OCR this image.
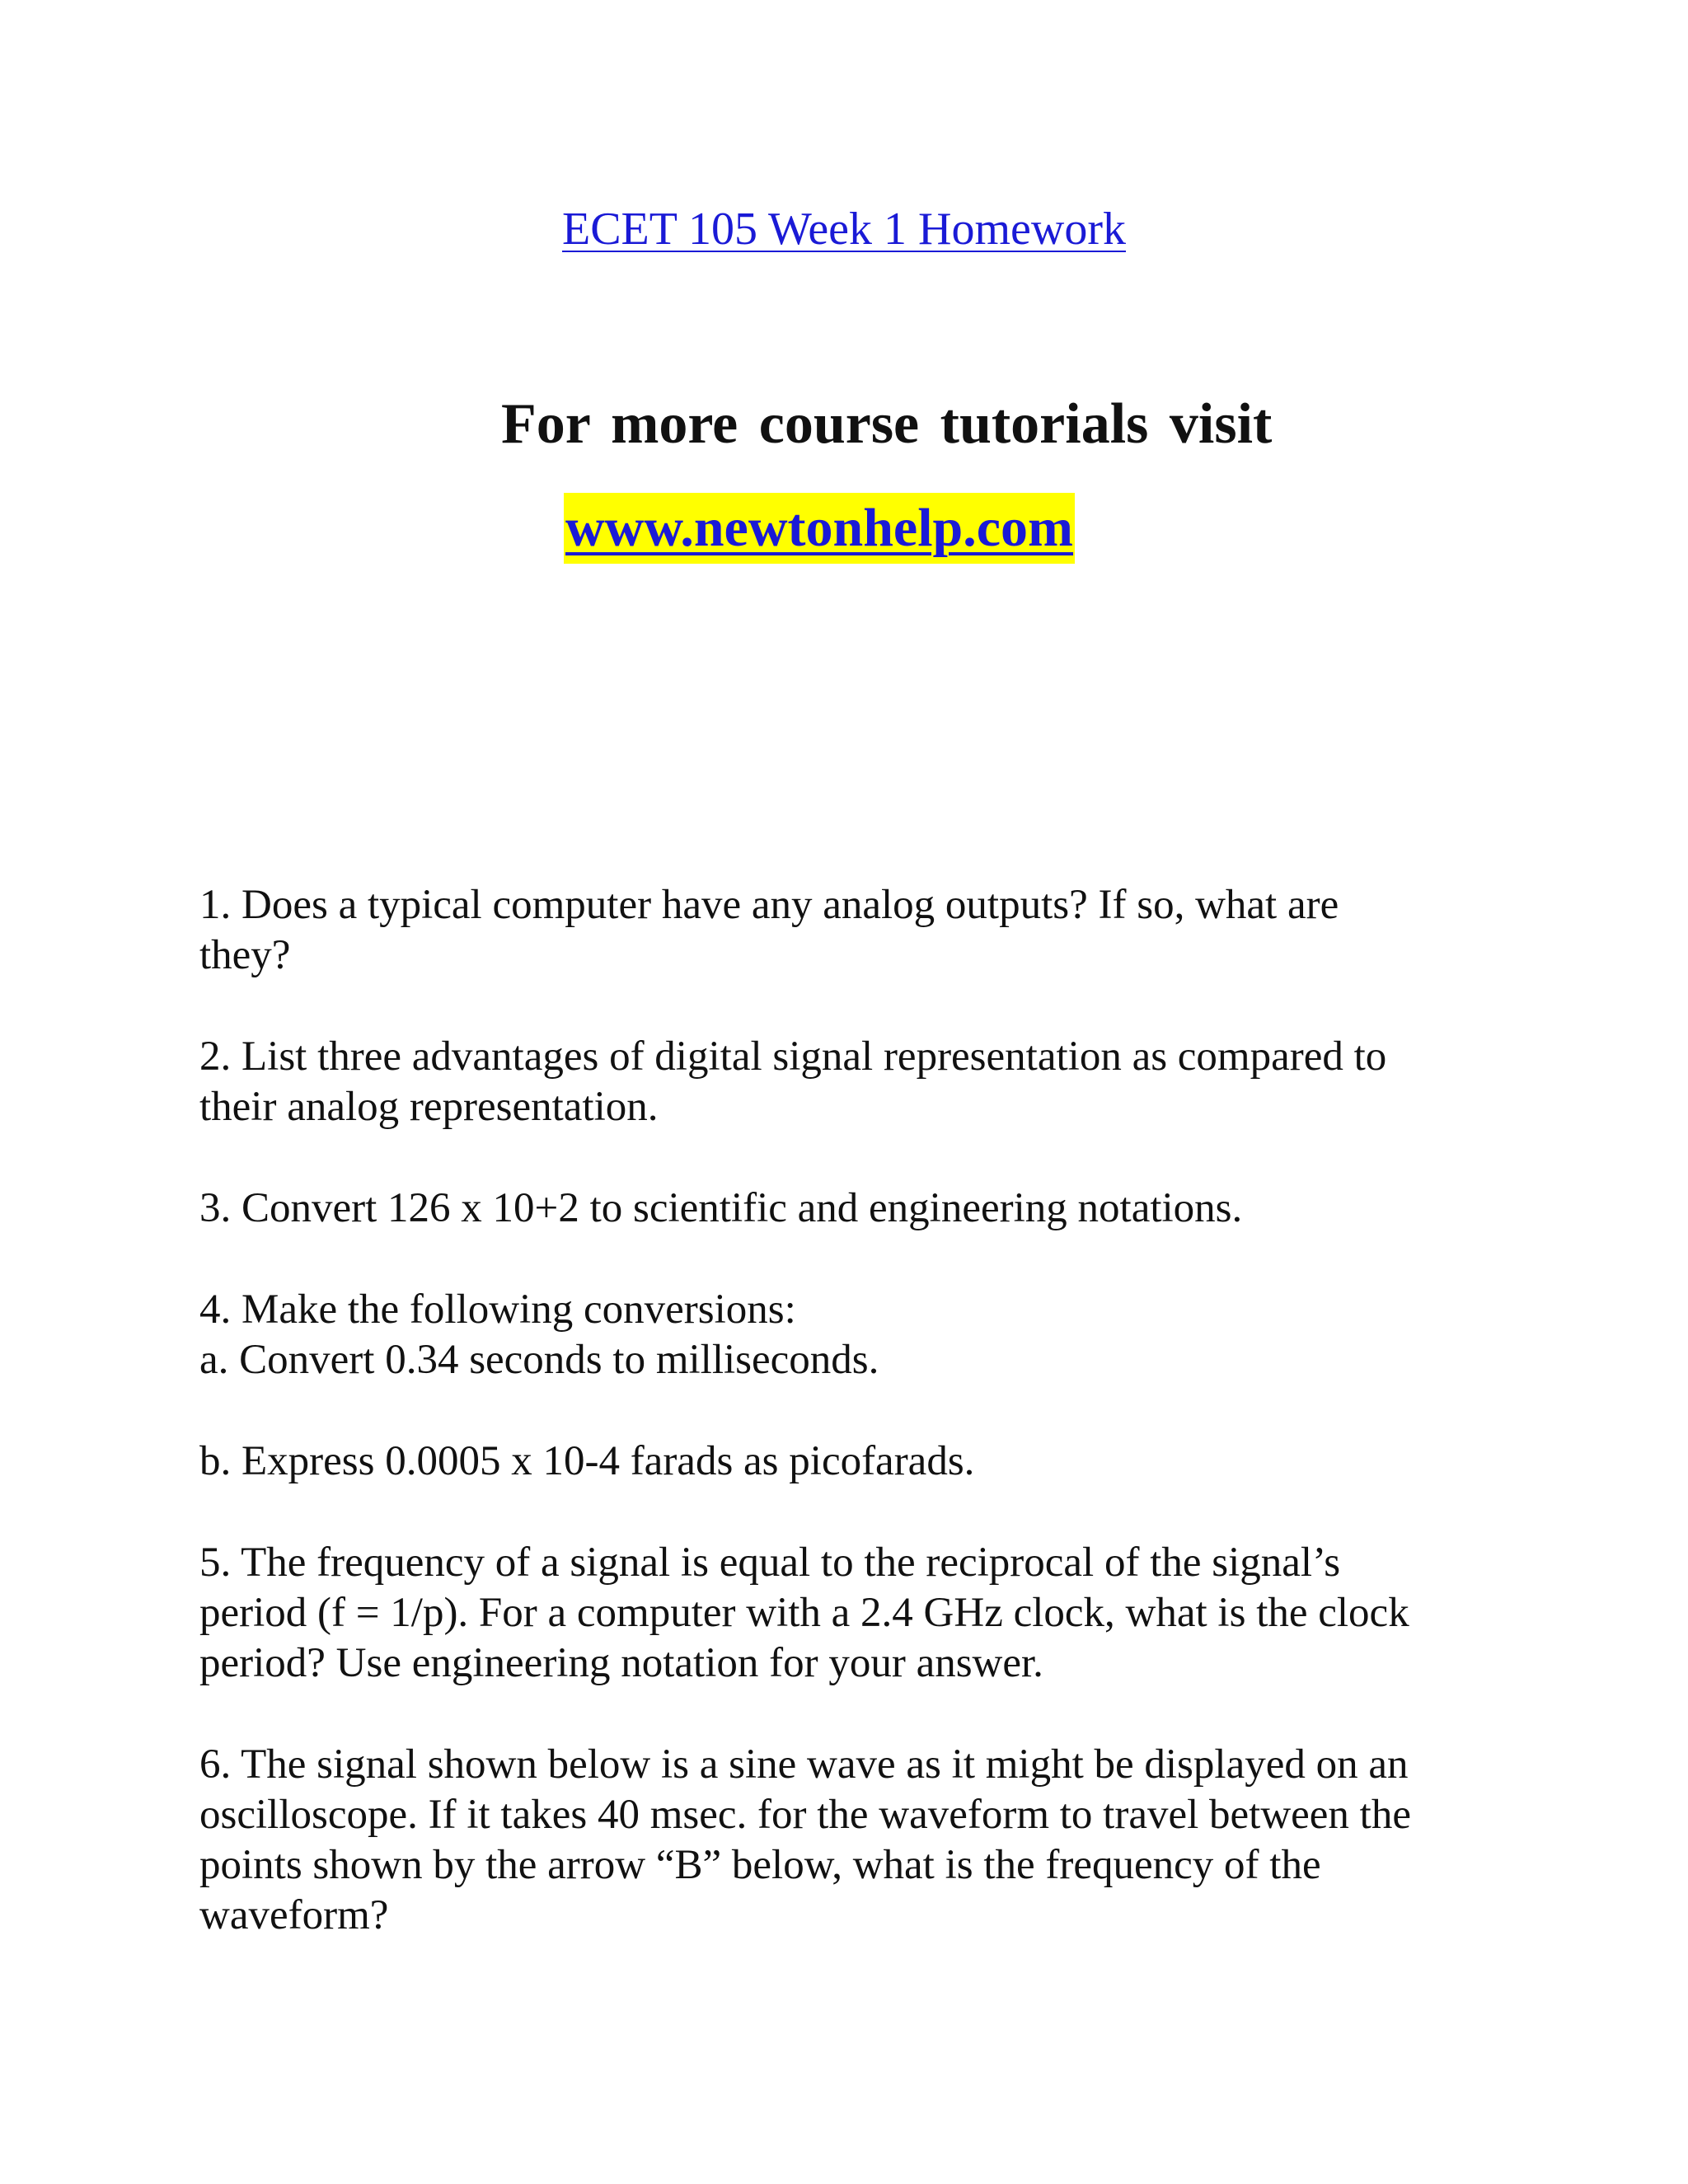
ECET 105 Week 1 Homework
For more course tutorials visit
www.newtonhelp.com
1. Does a typical computer have any analog outputs? If so, what are
they?
2. List three advantages of digital signal representation as compared to
their analog representation.
3. Convert 126 x 10+2 to scientific and engineering notations.
4. Make the following conversions:
a. Convert 0.34 seconds to milliseconds.
b. Express 0.0005 x 10-4 farads as picofarads.
5. The frequency of a signal is equal to the reciprocal of the signal’s
period (f = 1/p). For a computer with a 2.4 GHz clock, what is the clock
period? Use engineering notation for your answer.
6. The signal shown below is a sine wave as it might be displayed on an
oscilloscope. If it takes 40 msec. for the waveform to travel between the
points shown by the arrow “B” below, what is the frequency of the
waveform?
